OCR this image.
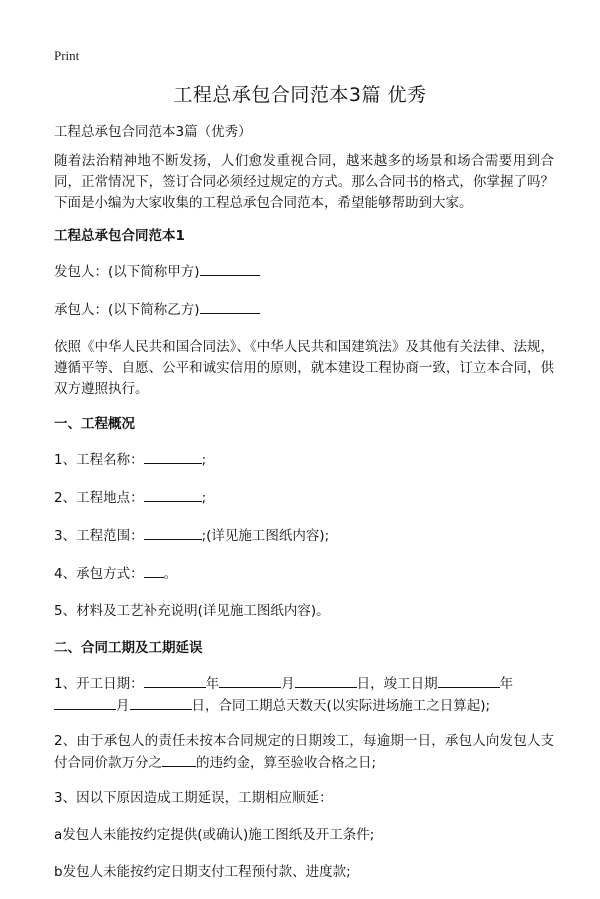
Print
工程总承包合同范本3篇 优秀

工程总承包合同范本3篇（优秀）

随着法治精神地不断发扬，人们愈发重视合同，越来越多的场景和场合需要用到合同，正常情况下，签订合同必须经过规定的方式。那么合同书的格式，你掌握了吗？下面是小编为大家收集的工程总承包合同范本，希望能够帮助到大家。

工程总承包合同范本1

发包人：(以下简称甲方)

承包人：(以下简称乙方)

依照《中华人民共和国合同法》、《中华人民共和国建筑法》及其他有关法律、法规，遵循平等、自愿、公平和诚实信用的原则，就本建设工程协商一致，订立本合同，供双方遵照执行。

一、工程概况

1、工程名称：	;

2、工程地点：	;

3、工程范围：	;(详见施工图纸内容);

4、承包方式： 。

5、材料及工艺补充说明(详见施工图纸内容)。

二、合同工期及工期延误

1、开工日期：	年	月	日，竣工日期	年
月	日，合同工期总天数天(以实际进场施工之日算起);

2、由于承包人的责任未按本合同规定的日期竣工，每逾期一日，承包人向发包人支付合同价款万分之	的违约金，算至验收合格之日;

3、因以下原因造成工期延误，工期相应顺延：

a发包人未能按约定提供(或确认)施工图纸及开工条件;

b发包人未能按约定日期支付工程预付款、进度款;
